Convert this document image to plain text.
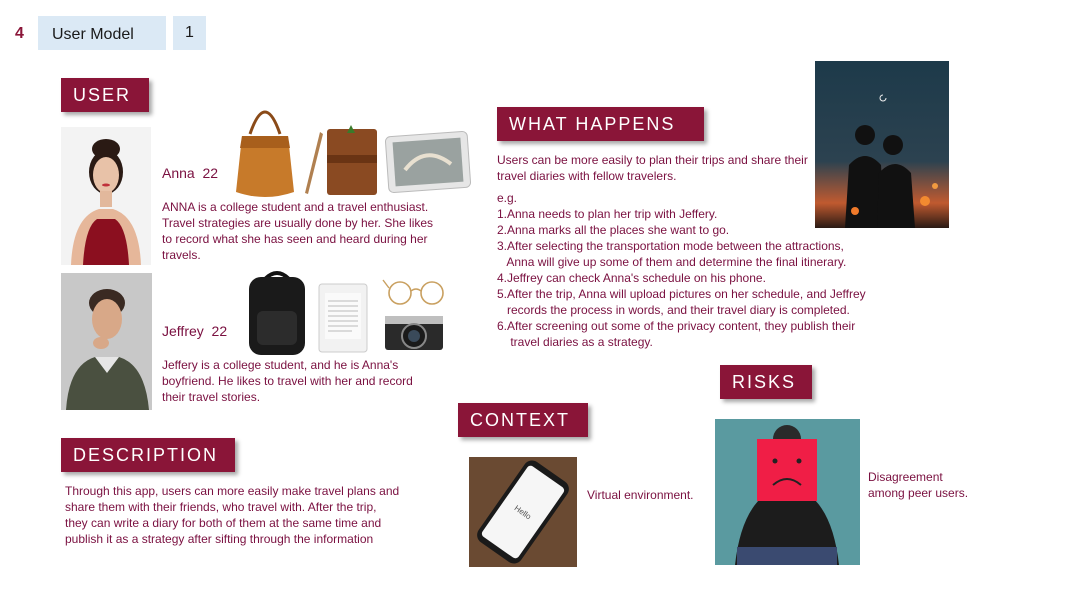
4	User Model	1
USER
Anna 22
ANNA is a college student and a travel enthusiast.
Travel strategies are usually done by her. She likes
to record what she has seen and heard during her
travels.
Jeffrey 22
Jeffery is a college student, and he is Anna's
boyfriend. He likes to travel with her and record
their travel stories.
DESCRIPTION
Through this app, users can more easily make travel plans and
share them with their friends, who travel with. After the trip,
they can write a diary for both of them at the same time and
publish it as a strategy after sifting through the information
WHAT HAPPENS
Users can be more easily to plan their trips and share their
travel diaries with fellow travelers.
e.g.
1.Anna needs to plan her trip with Jeffery.
2.Anna marks all the places she want to go.
3.After selecting the transportation mode between the attractions,
Anna will give up some of them and determine the final itinerary.
4.Jeffrey can check Anna's schedule on his phone.
5.After the trip, Anna will upload pictures on her schedule, and Jeffrey
records the process in words, and their travel diary is completed.
6.After screening out some of the privacy content, they publish their
travel diaries as a strategy.
CONTEXT
Hello
Virtual environment.
RISKS
Disagreement
among peer users.
